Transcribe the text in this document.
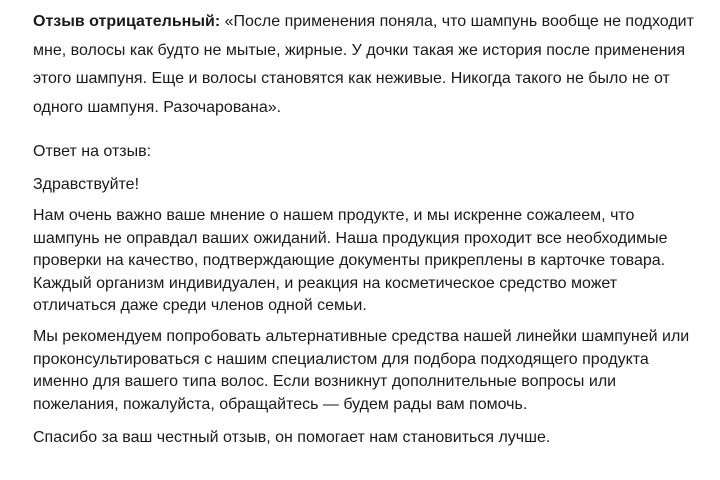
Отзыв отрицательный: «После применения поняла, что шампунь вообще не подходит мне, волосы как будто не мытые, жирные. У дочки такая же история после применения этого шампуня. Еще и волосы становятся как неживые. Никогда такого не было не от одного шампуня. Разочарована».

Ответ на отзыв:

Здравствуйте!

Нам очень важно ваше мнение о нашем продукте, и мы искренне сожалеем, что шампунь не оправдал ваших ожиданий. Наша продукция проходит все необходимые проверки на качество, подтверждающие документы прикреплены в карточке товара. Каждый организм индивидуален, и реакция на косметическое средство может отличаться даже среди членов одной семьи.

Мы рекомендуем попробовать альтернативные средства нашей линейки шампуней или проконсультироваться с нашим специалистом для подбора подходящего продукта именно для вашего типа волос. Если возникнут дополнительные вопросы или пожелания, пожалуйста, обращайтесь — будем рады вам помочь.

Спасибо за ваш честный отзыв, он помогает нам становиться лучше.
